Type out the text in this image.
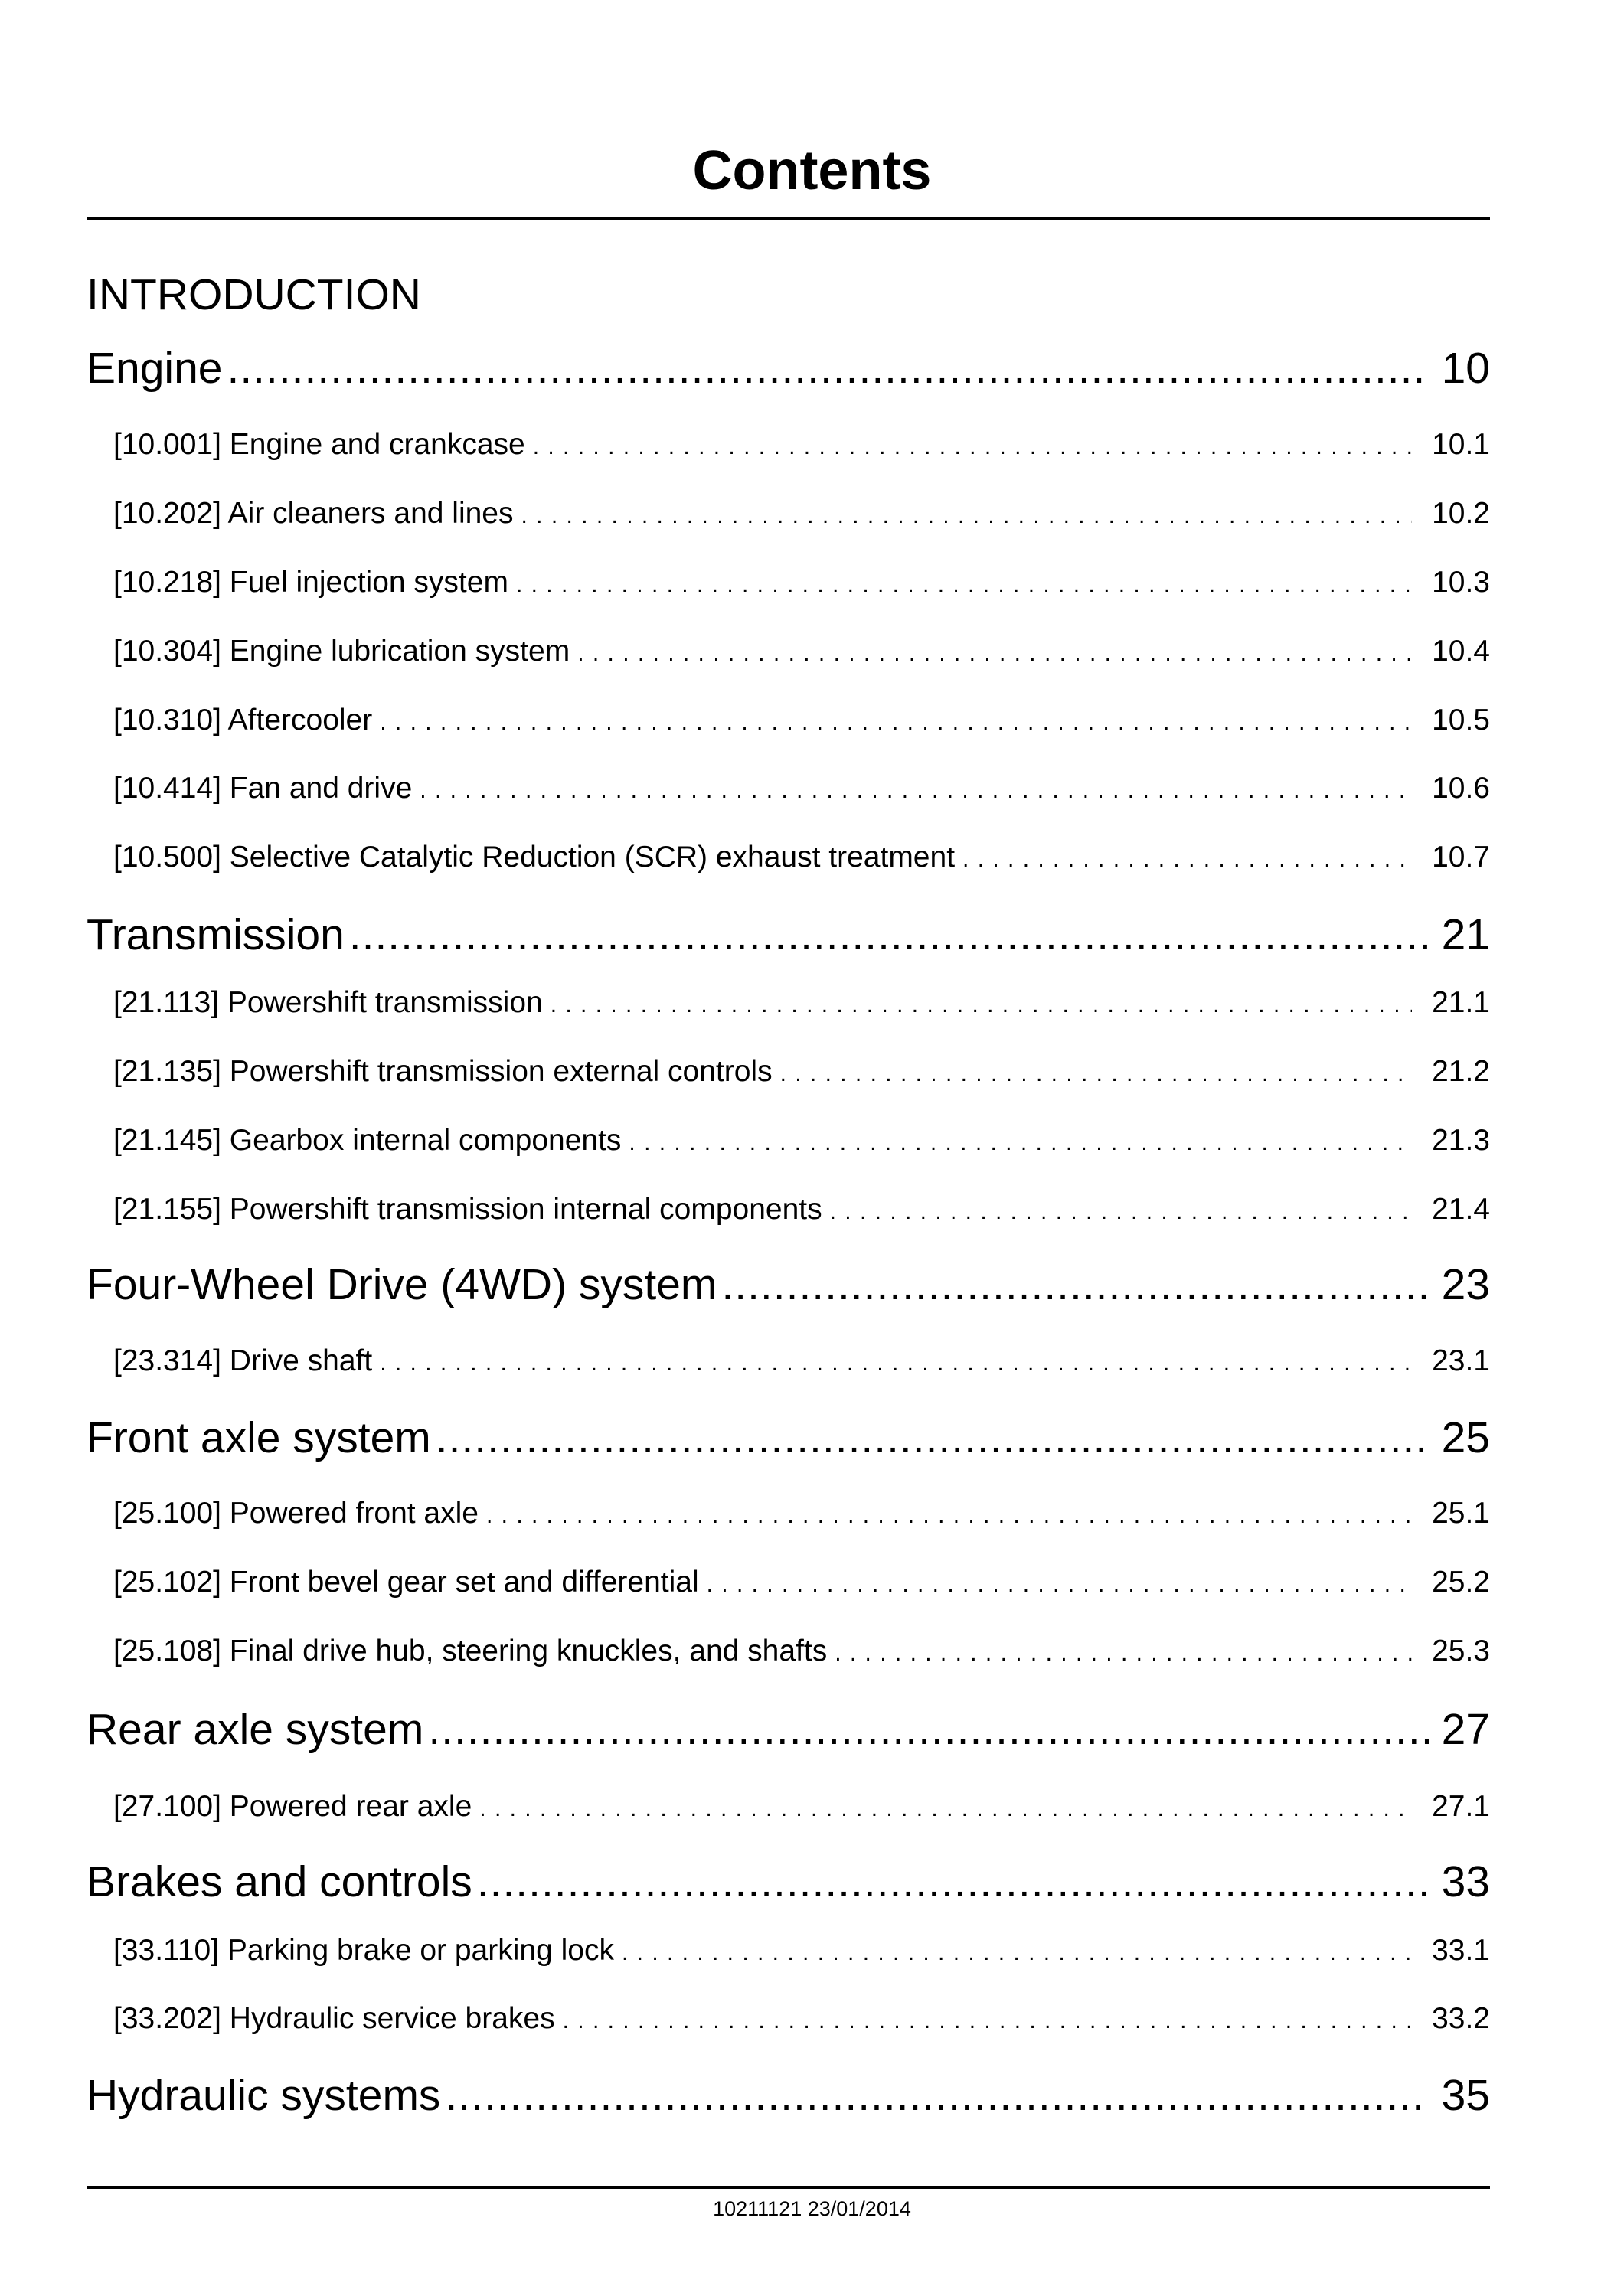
Contents
INTRODUCTION
Engine .....	10
[10.001] Engine and crankcase . . .	10.1
[10.202] Air cleaners and lines . . .	10.2
[10.218] Fuel injection system . . .	10.3
[10.304] Engine lubrication system . . .	10.4
[10.310] Aftercooler . . .	10.5
[10.414] Fan and drive . . .	10.6
[10.500] Selective Catalytic Reduction (SCR) exhaust treatment . . .	10.7
Transmission .....	21
[21.113] Powershift transmission . . .	21.1
[21.135] Powershift transmission external controls . . .	21.2
[21.145] Gearbox internal components . . .	21.3
[21.155] Powershift transmission internal components . . .	21.4
Four-Wheel Drive (4WD) system .....	23
[23.314] Drive shaft . . .	23.1
Front axle system .....	25
[25.100] Powered front axle . . .	25.1
[25.102] Front bevel gear set and differential . . .	25.2
[25.108] Final drive hub, steering knuckles, and shafts . . .	25.3
Rear axle system .....	27
[27.100] Powered rear axle . . .	27.1
Brakes and controls .....	33
[33.110] Parking brake or parking lock . . .	33.1
[33.202] Hydraulic service brakes . . .	33.2
Hydraulic systems .....	35
10211121 23/01/2014
